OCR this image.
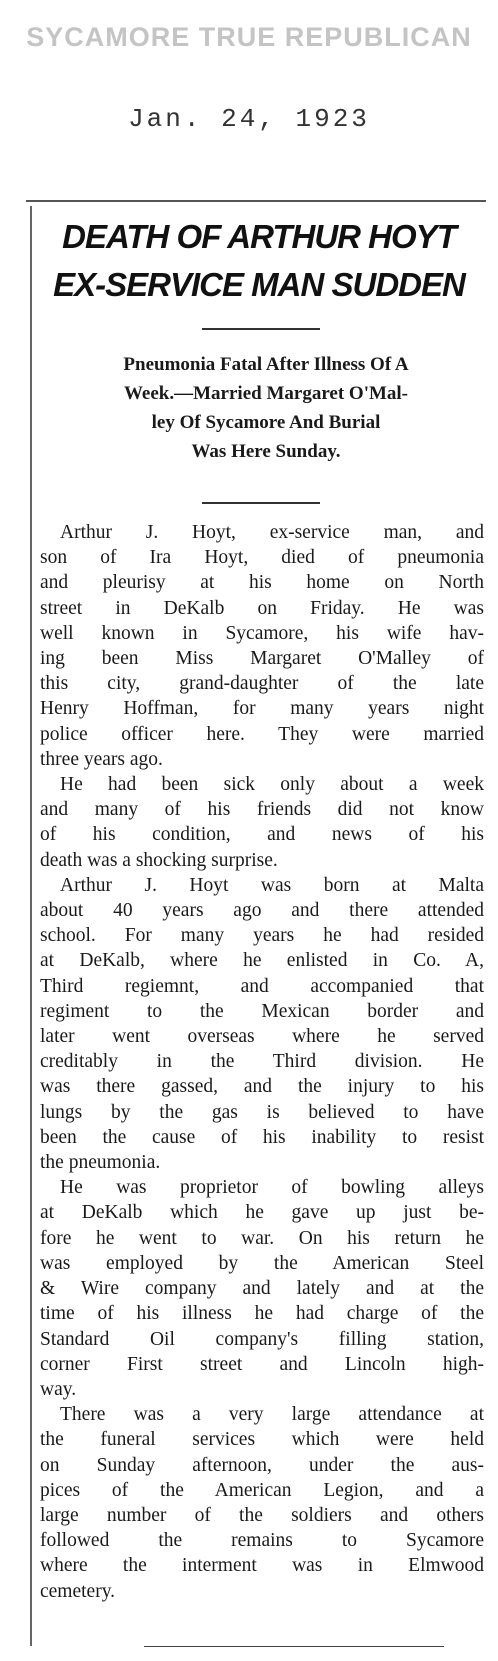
SYCAMORE TRUE REPUBLICAN
Jan. 24, 1923
DEATH OF ARTHUR HOYT
EX-SERVICE MAN SUDDEN
Pneumonia Fatal After Illness Of A
Week.—Married Margaret O'Mal-
ley Of Sycamore And Burial
Was Here Sunday.
Arthur J. Hoyt, ex-service man, and
son of Ira Hoyt, died of pneumonia
and pleurisy at his home on North
street in DeKalb on Friday. He was
well known in Sycamore, his wife hav-
ing been Miss Margaret O'Malley of
this city, grand-daughter of the late
Henry Hoffman, for many years night
police officer here. They were married
three years ago.
He had been sick only about a week
and many of his friends did not know
of his condition, and news of his
death was a shocking surprise.
Arthur J. Hoyt was born at Malta
about 40 years ago and there attended
school. For many years he had resided
at DeKalb, where he enlisted in Co. A,
Third regiemnt, and accompanied that
regiment to the Mexican border and
later went overseas where he served
creditably in the Third division. He
was there gassed, and the injury to his
lungs by the gas is believed to have
been the cause of his inability to resist
the pneumonia.
He was proprietor of bowling alleys
at DeKalb which he gave up just be-
fore he went to war. On his return he
was employed by the American Steel
& Wire company and lately and at the
time of his illness he had charge of the
Standard Oil company's filling station,
corner First street and Lincoln high-
way.
There was a very large attendance at
the funeral services which were held
on Sunday afternoon, under the aus-
pices of the American Legion, and a
large number of the soldiers and others
followed the remains to Sycamore
where the interment was in Elmwood
cemetery.
